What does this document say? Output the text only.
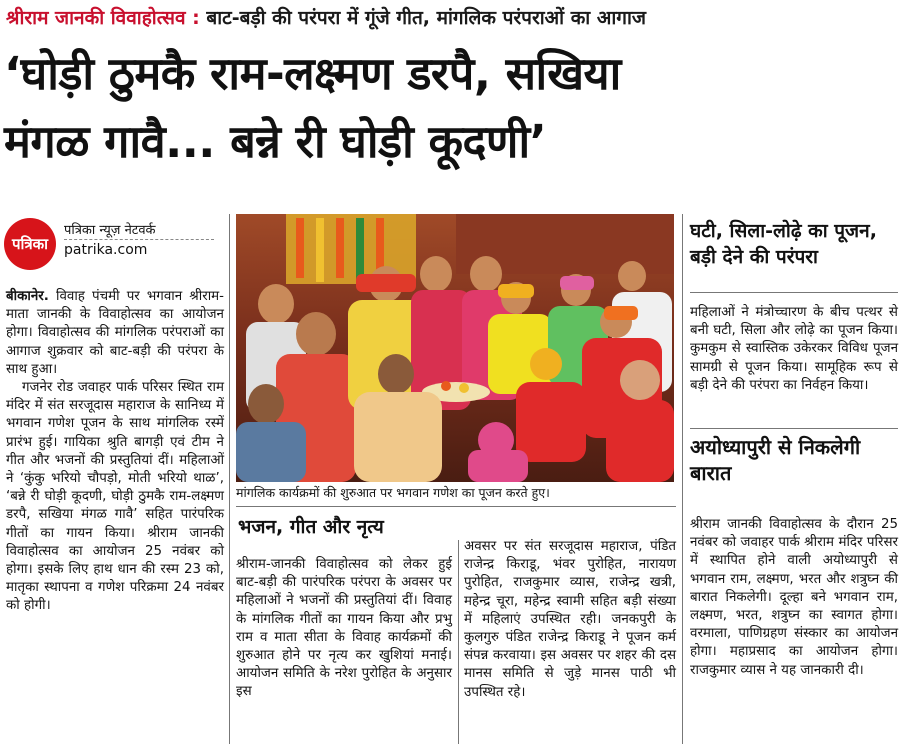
श्रीराम जानकी विवाहोत्सव : बाट-बड़ी की परंपरा में गूंजे गीत, मांगलिक परंपराओं का आगाज
‘घोड़ी ठुमकै राम-लक्ष्मण डरपै, सखिया
मंगळ गावै... बन्ने री घोड़ी कूदणी’
पत्रिका
पत्रिका न्यूज़ नेटवर्क
patrika.com

बीकानेर. विवाह पंचमी पर भगवान श्रीराम-माता जानकी के विवाहोत्सव का आयोजन होगा। विवाहोत्सव की मांगलिक परंपराओं का आगाज शुक्रवार को बाट-बड़ी की परंपरा के साथ हुआ।

गजनेर रोड जवाहर पार्क परिसर स्थित राम मंदिर में संत सरजूदास महाराज के सानिध्य में भगवान गणेश पूजन के साथ मांगलिक रस्में प्रारंभ हुई। गायिका श्रुति बागड़ी एवं टीम ने गीत और भजनों की प्रस्तुतियां दीं। महिलाओं ने ‘कुंकु भरियो चौपड़ो, मोती भरियो थाळ’, ‘बन्ने री घोड़ी कूदणी, घोड़ी ठुमकै राम-लक्ष्मण डरपै, सखिया मंगळ गावै’ सहित पारंपरिक गीतों का गायन किया। श्रीराम जानकी विवाहोत्सव का आयोजन 25 नवंबर को होगा। इसके लिए हाथ धान की रस्म 23 को, मातृका स्थापना व गणेश परिक्रमा 24 नवंबर को होगी।

मांगलिक कार्यक्रमों की शुरुआत पर भगवान गणेश का पूजन करते हुए।
भजन, गीत और नृत्य
श्रीराम-जानकी विवाहोत्सव को लेकर हुई बाट-बड़ी की पारंपरिक परंपरा के अवसर पर महिलाओं ने भजनों की प्रस्तुतियां दीं। विवाह के मांगलिक गीतों का गायन किया और प्रभु राम व माता सीता के विवाह कार्यक्रमों की शुरुआत होने पर नृत्य कर खुशियां मनाई। आयोजन समिति के नरेश पुरोहित के अनुसार इस
अवसर पर संत सरजूदास महाराज, पंडित राजेन्द्र किराडू, भंवर पुरोहित, नारायण पुरोहित, राजकुमार व्यास, राजेन्द्र खत्री, महेन्द्र चूरा, महेन्द्र स्वामी सहित बड़ी संख्या में महिलाएं उपस्थित रही। जनकपुरी के कुलगुरु पंडित राजेन्द्र किराडू ने पूजन कर्म संपन्न करवाया। इस अवसर पर शहर की दस मानस समिति से जुड़े मानस पाठी भी उपस्थित रहे।
घटी, सिला-लोढ़े का पूजन, बड़ी देने की परंपरा
महिलाओं ने मंत्रोच्चारण के बीच पत्थर से बनी घटी, सिला और लोढ़े का पूजन किया। कुमकुम से स्वास्तिक उकेरकर विविध पूजन सामग्री से पूजन किया। सामूहिक रूप से बड़ी देने की परंपरा का निर्वहन किया।
अयोध्यापुरी से निकलेगी बारात
श्रीराम जानकी विवाहोत्सव के दौरान 25 नवंबर को जवाहर पार्क श्रीराम मंदिर परिसर में स्थापित होने वाली अयोध्यापुरी से भगवान राम, लक्ष्मण, भरत और शत्रुघ्न की बारात निकलेगी। दूल्हा बने भगवान राम, लक्ष्मण, भरत, शत्रुघ्न का स्वागत होगा। वरमाला, पाणिग्रहण संस्कार का आयोजन होगा। महाप्रसाद का आयोजन होगा। राजकुमार व्यास ने यह जानकारी दी।
